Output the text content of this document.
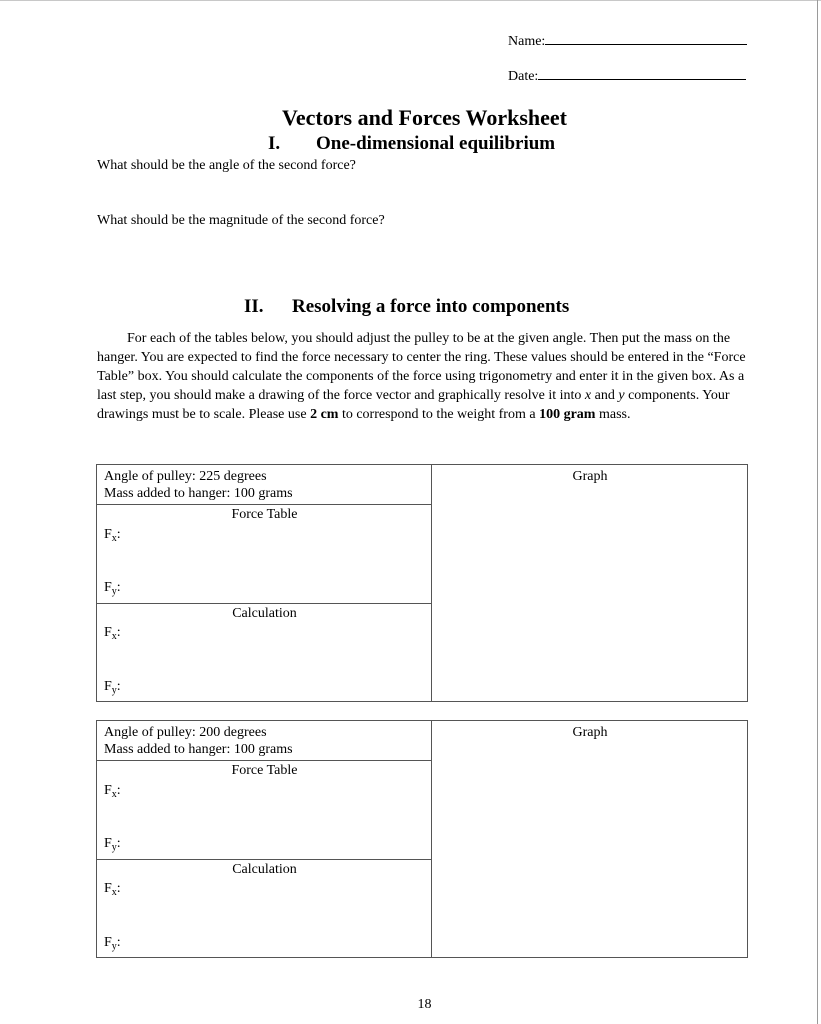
Name:
Date:
Vectors and Forces Worksheet
I. One-dimensional equilibrium
What should be the angle of the second force?
What should be the magnitude of the second force?
II. Resolving a force into components

For each of the tables below, you should adjust the pulley to be at the given angle. Then put the mass on the hanger. You are expected to find the force necessary to center the ring. These values should be entered in the “Force Table” box. You should calculate the components of the force using trigonometry and enter it in the given box. As a last step, you should make a drawing of the force vector and graphically resolve it into x and y components. Your drawings must be to scale. Please use 2 cm to correspond to the weight from a 100 gram mass.

Angle of pulley: 225 degrees
Mass added to hanger: 100 grams
Force Table
$F_x$:
$F_y$:
Calculation
$F_x$:
$F_y$:
Graph
Angle of pulley: 200 degrees
Mass added to hanger: 100 grams
Force Table
$F_x$:
$F_y$:
Calculation
$F_x$:
$F_y$:
Graph
18
